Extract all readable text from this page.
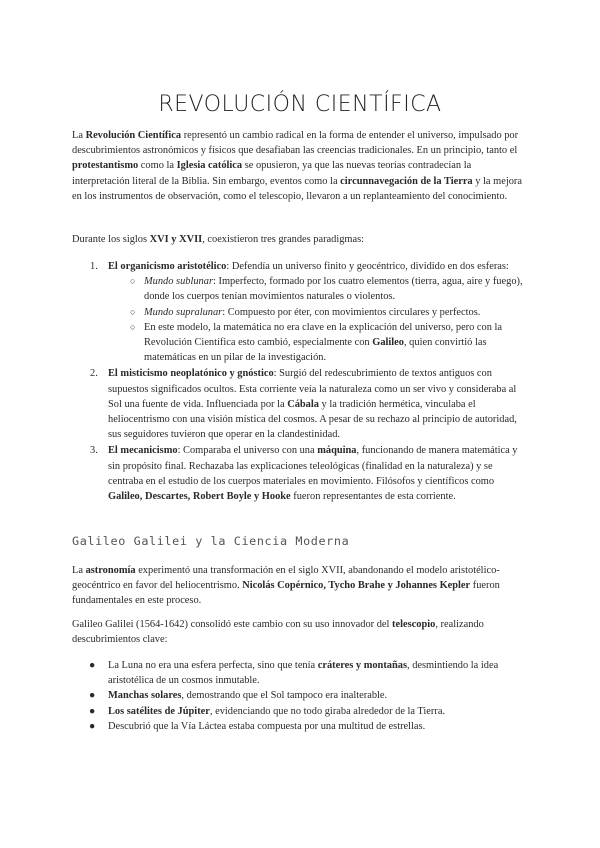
REVOLUCIÓN CIENTÍFICA

La Revolución Científica representó un cambio radical en la forma de entender el universo, impulsado por descubrimientos astronómicos y físicos que desafiaban las creencias tradicionales. En un principio, tanto el protestantismo como la Iglesia católica se opusieron, ya que las nuevas teorías contradecían la interpretación literal de la Biblia. Sin embargo, eventos como la circunnavegación de la Tierra y la mejora en los instrumentos de observación, como el telescopio, llevaron a un replanteamiento del conocimiento.

Durante los siglos XVI y XVII, coexistieron tres grandes paradigmas:

1. El organicismo aristotélico: Defendía un universo finito y geocéntrico, dividido en dos esferas:
○ Mundo sublunar: Imperfecto, formado por los cuatro elementos (tierra, agua, aire y fuego), donde los cuerpos tenían movimientos naturales o violentos.
○ Mundo supralunar: Compuesto por éter, con movimientos circulares y perfectos.
○ En este modelo, la matemática no era clave en la explicación del universo, pero con la Revolución Científica esto cambió, especialmente con Galileo, quien convirtió las matemáticas en un pilar de la investigación.
2. El misticismo neoplatónico y gnóstico: Surgió del redescubrimiento de textos antiguos con supuestos significados ocultos. Esta corriente veía la naturaleza como un ser vivo y consideraba al Sol una fuente de vida. Influenciada por la Cábala y la tradición hermética, vinculaba el heliocentrismo con una visión mística del cosmos. A pesar de su rechazo al principio de autoridad, sus seguidores tuvieron que operar en la clandestinidad.
3. El mecanicismo: Comparaba el universo con una máquina, funcionando de manera matemática y sin propósito final. Rechazaba las explicaciones teleológicas (finalidad en la naturaleza) y se centraba en el estudio de los cuerpos materiales en movimiento. Filósofos y científicos como Galileo, Descartes, Robert Boyle y Hooke fueron representantes de esta corriente.
Galileo Galilei y la Ciencia Moderna

La astronomía experimentó una transformación en el siglo XVII, abandonando el modelo aristotélico-geocéntrico en favor del heliocentrismo. Nicolás Copérnico, Tycho Brahe y Johannes Kepler fueron fundamentales en este proceso.

Galileo Galilei (1564-1642) consolidó este cambio con su uso innovador del telescopio, realizando descubrimientos clave:

● La Luna no era una esfera perfecta, sino que tenía cráteres y montañas, desmintiendo la idea aristotélica de un cosmos inmutable.
● Manchas solares, demostrando que el Sol tampoco era inalterable.
● Los satélites de Júpiter, evidenciando que no todo giraba alrededor de la Tierra.
● Descubrió que la Vía Láctea estaba compuesta por una multitud de estrellas.
